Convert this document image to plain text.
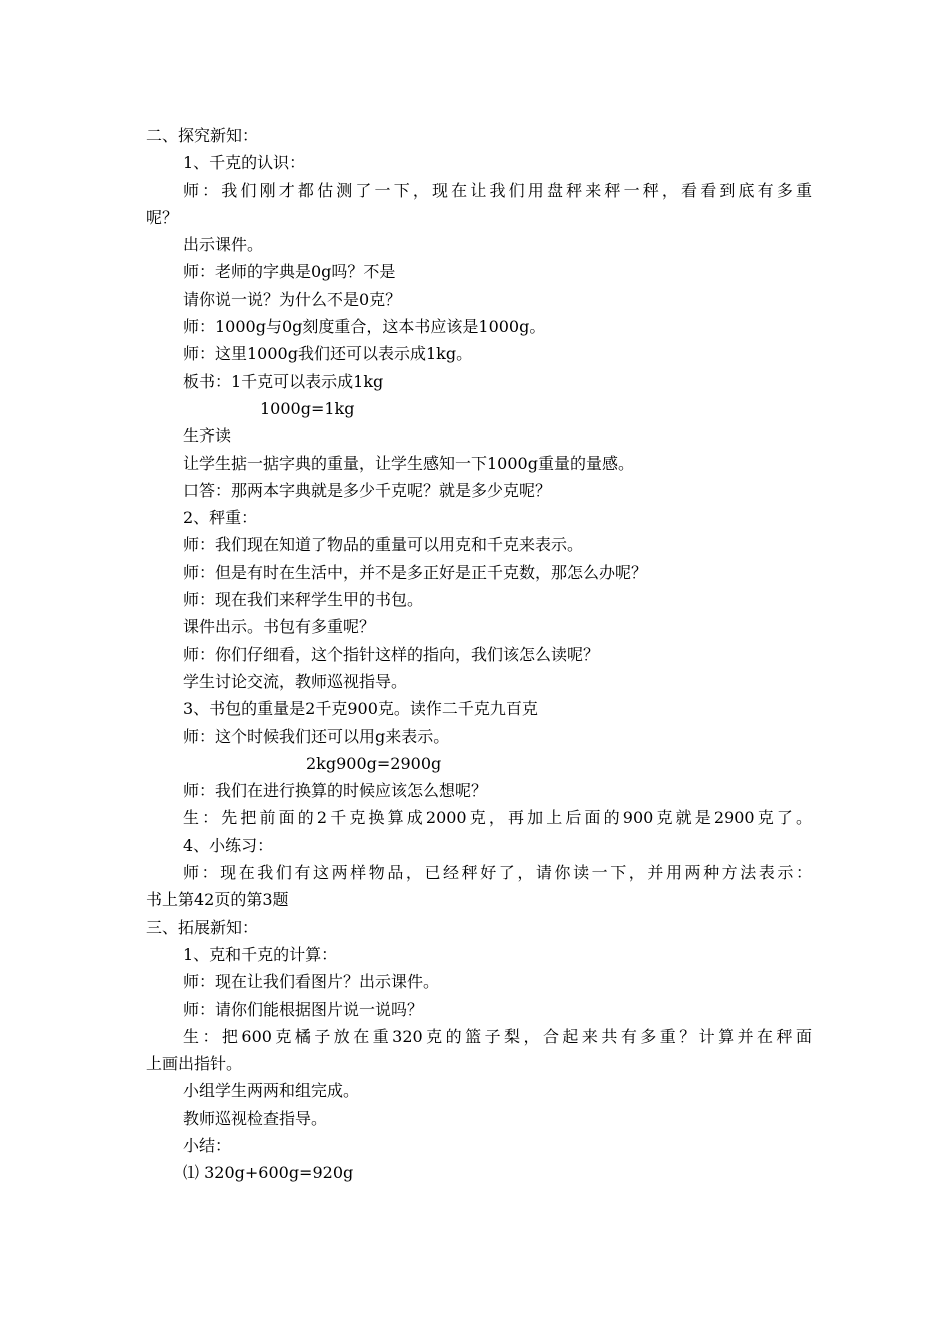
二、探究新知：
1、千克的认识：
师：我们刚才都估测了一下，现在让我们用盘秤来秤一秤，看看到底有多重
呢？
出示课件。
师：老师的字典是0g吗？不是
请你说一说？为什么不是0克？
师：1000g与0g刻度重合，这本书应该是1000g。
师：这里1000g我们还可以表示成1kg。
板书：1千克可以表示成1kg
1000g=1kg
生齐读
让学生掂一掂字典的重量，让学生感知一下1000g重量的量感。
口答：那两本字典就是多少千克呢？就是多少克呢？
2、秤重：
师：我们现在知道了物品的重量可以用克和千克来表示。
师：但是有时在生活中，并不是多正好是正千克数，那怎么办呢？
师：现在我们来秤学生甲的书包。
课件出示。书包有多重呢？
师：你们仔细看，这个指针这样的指向，我们该怎么读呢？
学生讨论交流，教师巡视指导。
3、书包的重量是2千克900克。读作二千克九百克
师：这个时候我们还可以用g来表示。
2kg900g=2900g
师：我们在进行换算的时候应该怎么想呢？
生：先把前面的2千克换算成2000克，再加上后面的900克就是2900克了。
4、小练习：
师：现在我们有这两样物品，已经秤好了，请你读一下，并用两种方法表示：
书上第42页的第3题
三、拓展新知：
1、克和千克的计算：
师：现在让我们看图片？出示课件。
师：请你们能根据图片说一说吗？
生：把600克橘子放在重320克的篮子梨，合起来共有多重？计算并在秤面
上画出指针。
小组学生两两和组完成。
教师巡视检查指导。
小结：
⑴ 320g+600g=920g
